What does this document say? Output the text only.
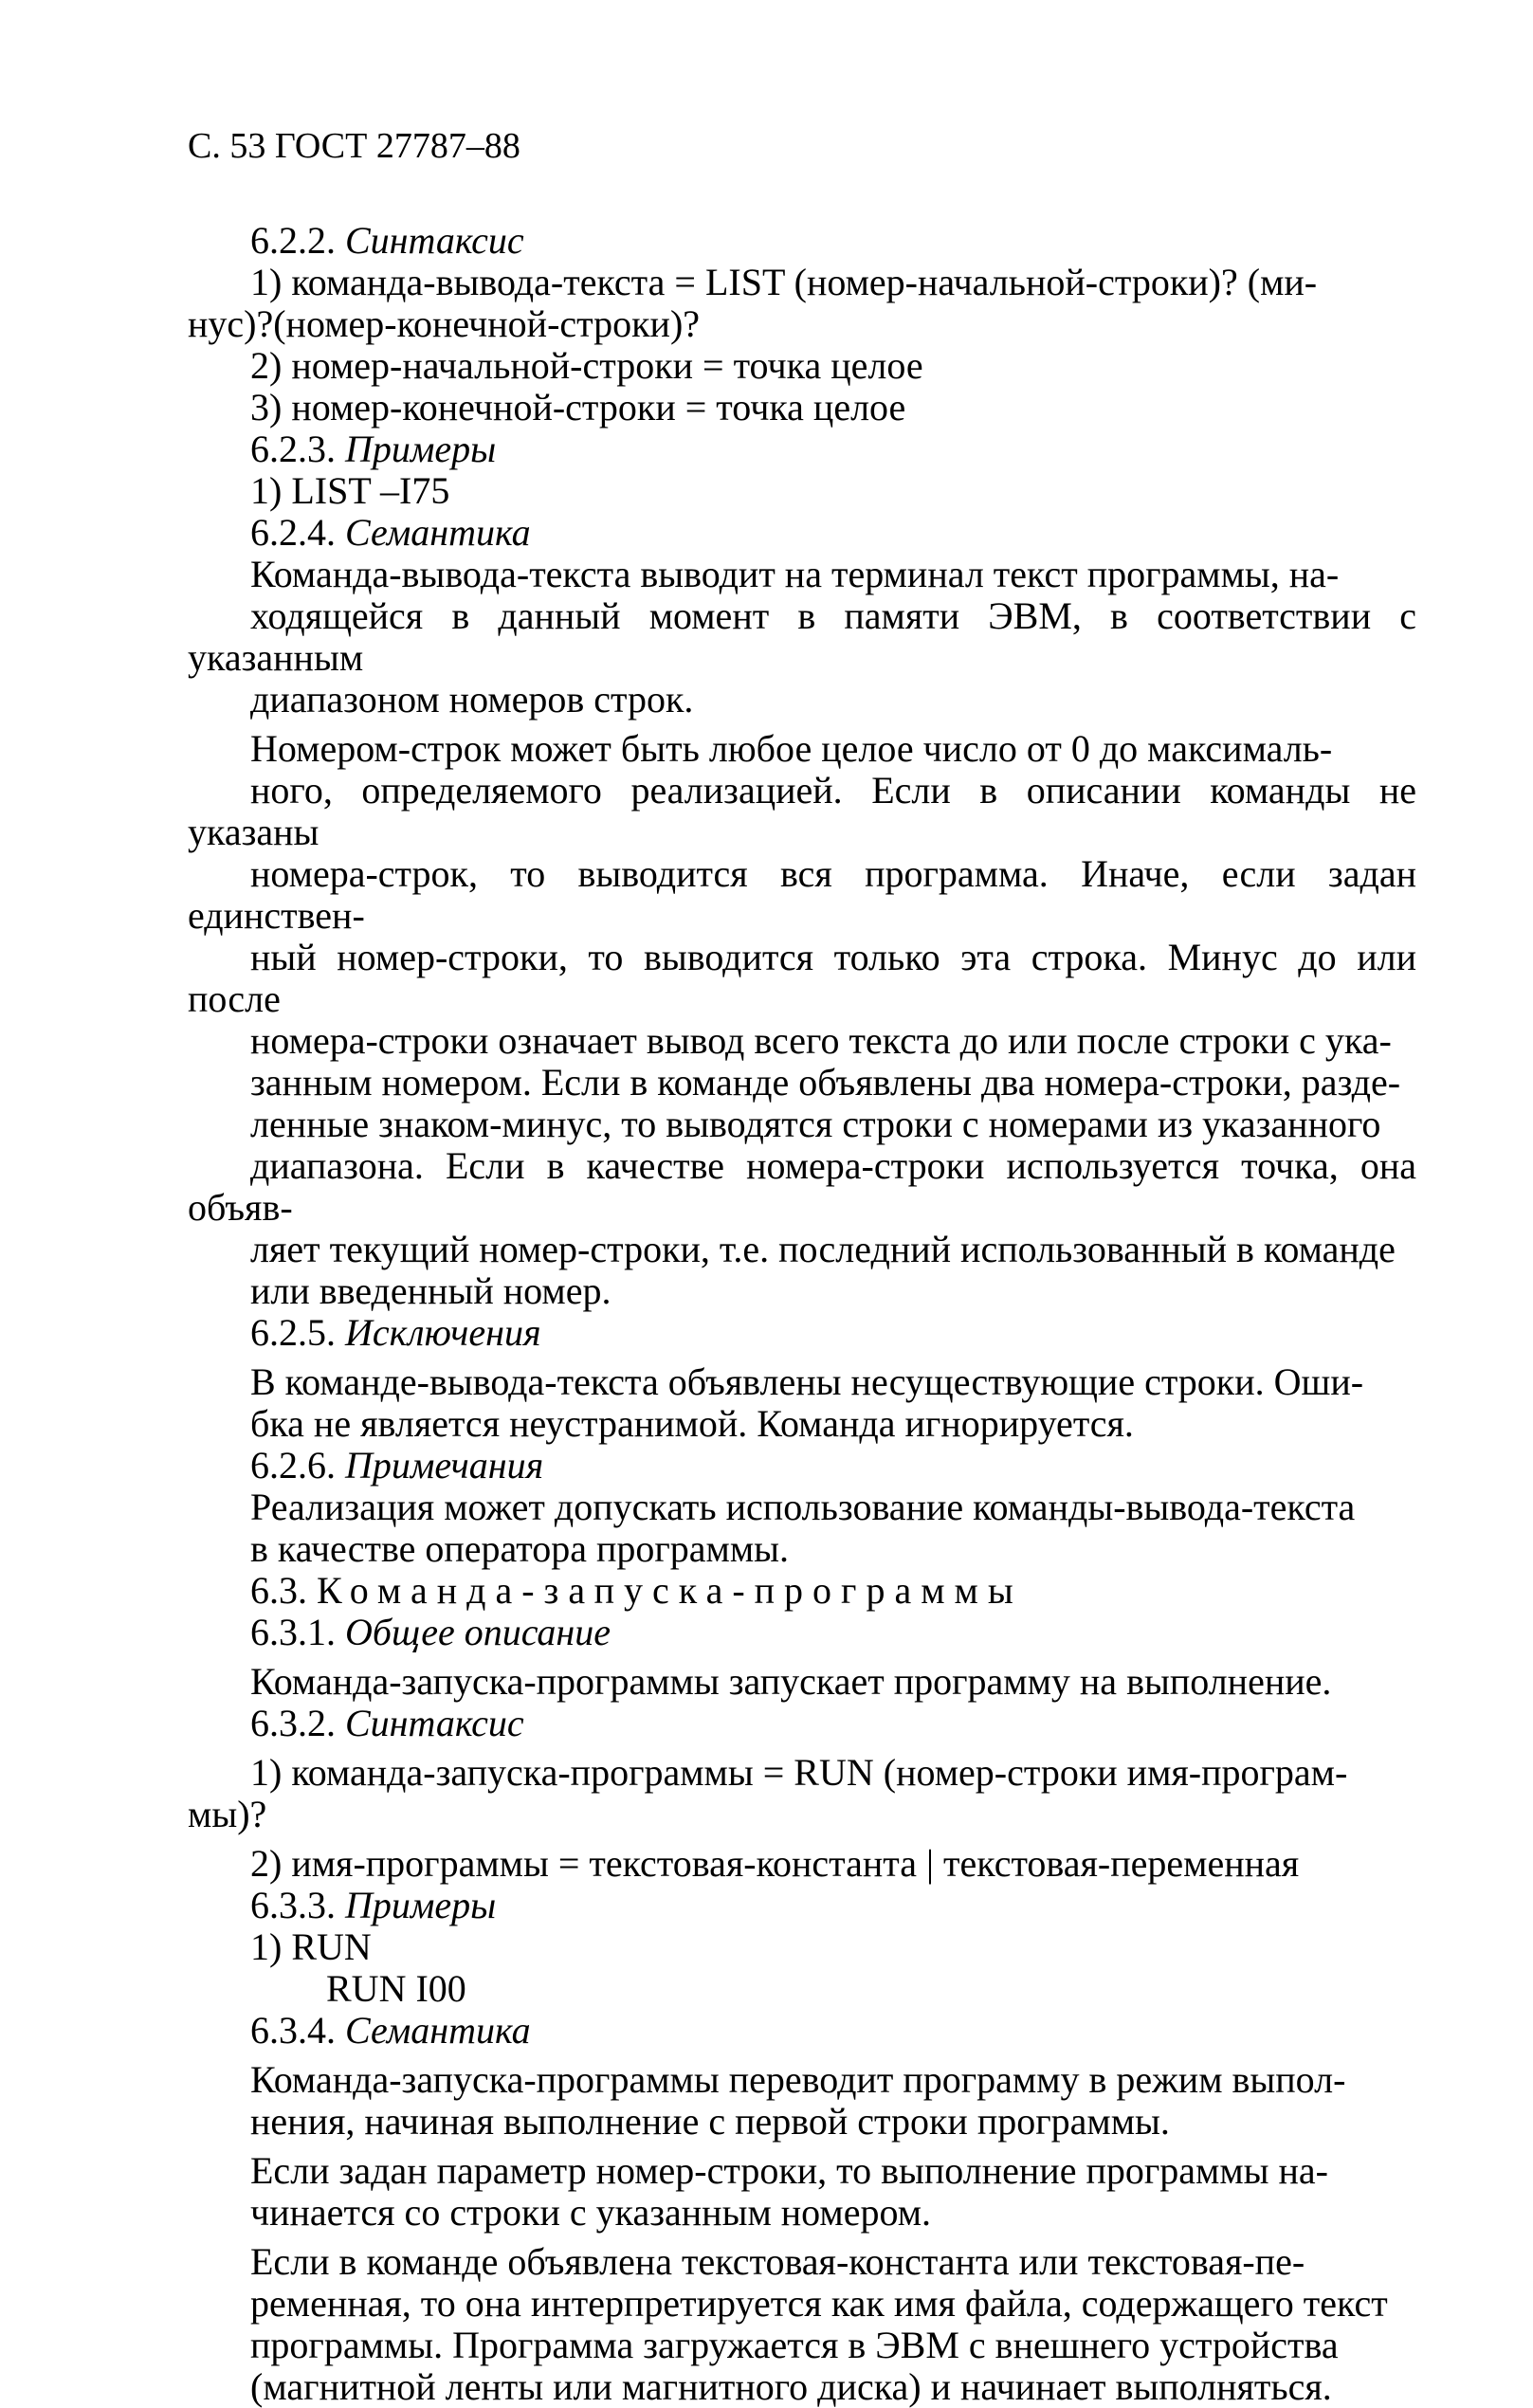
С. 53 ГОСТ 27787–88

6.2.2. Синтаксис

1) команда-вывода-текста = LIST (номер-начальной-строки)? (ми-

нус)?(номер-конечной-строки)?

2) номер-начальной-строки = точка целое

3) номер-конечной-строки = точка целое

6.2.3. Примеры

1) LIST –I75

6.2.4. Семантика

Команда-вывода-текста выводит на терминал текст программы, на-
ходящейся в данный момент в памяти ЭВМ, в соответствии с указанным
диапазоном номеров строк.

Номером-строк может быть любое целое число от 0 до максималь-
ного, определяемого реализацией. Если в описании команды не указаны
номера-строк, то выводится вся программа. Иначе, если задан единствен-
ный номер-строки, то выводится только эта строка. Минус до или после
номера-строки означает вывод всего текста до или после строки с ука-
занным номером. Если в команде объявлены два номера-строки, разде-
ленные знаком-минус, то выводятся строки с номерами из указанного
диапазона. Если в качестве номера-строки используется точка, она объяв-
ляет текущий номер-строки, т.е. последний использованный в команде
или введенный номер.

6.2.5. Исключения

В команде-вывода-текста объявлены несуществующие строки. Оши-
бка не является неустранимой. Команда игнорируется.

6.2.6. Примечания

Реализация может допускать использование команды-вывода-текста
в качестве оператора программы.

6.3. Команда-запуска-программы

6.3.1. Общее описание

Команда-запуска-программы запускает программу на выполнение.

6.3.2. Синтаксис

1) команда-запуска-программы = RUN (номер-строки имя-програм-

мы)?

2) имя-программы = текстовая-константа | текстовая-переменная

6.3.3. Примеры

1) RUN

RUN I00

6.3.4. Семантика

Команда-запуска-программы переводит программу в режим выпол-
нения, начиная выполнение с первой строки программы.

Если задан параметр номер-строки, то выполнение программы на-
чинается со строки с указанным номером.

Если в команде объявлена текстовая-константа или текстовая-пе-
ременная, то она интерпретируется как имя файла, содержащего текст
программы. Программа загружается в ЭВМ с внешнего устройства
(магнитной ленты или магнитного диска) и начинает выполняться.
